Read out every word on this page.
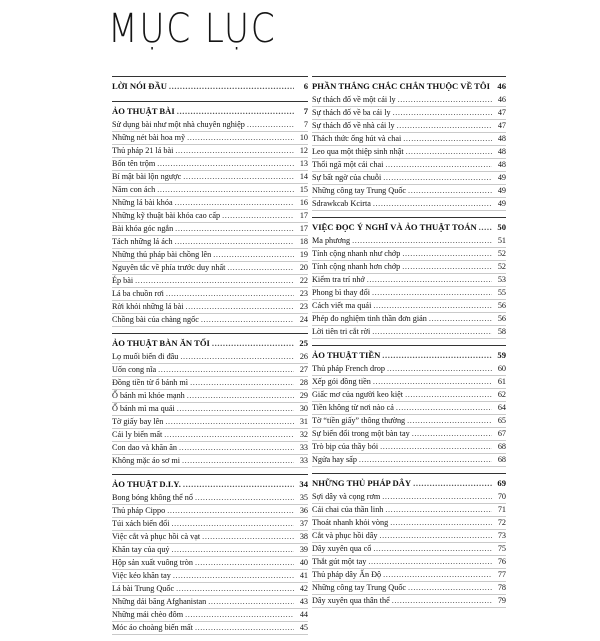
MỤC LỤC
LỜI NÓI ĐẦU .....	6
ẢO THUẬT BÀI .....	7
Sử dụng bài như một nhà chuyên nghiệp .....	7
Những nét bài hoa mỹ .....	10
Thủ pháp 21 lá bài .....	12
Bốn tên trộm .....	13
Bí mật bài lộn ngược .....	14
Năm con ách .....	15
Những lá bài khóa .....	16
Những kỹ thuật bài khóa cao cấp .....	17
Bài khóa góc ngắn .....	17
Tách những lá ách .....	18
Những thủ pháp bài chồng lên .....	19
Nguyên tắc về phía trước duy nhất .....	20
Ép bài .....	22
Lá ba chuồn rơi .....	23
Rời khỏi những lá bài .....	23
Chồng bài của chàng ngốc .....	24
ẢO THUẬT BÀN ĂN TỐI .....	25
Lọ muối biến đi đâu .....	26
Uốn cong nĩa .....	27
Đồng tiền từ ổ bánh mì .....	28
Ổ bánh mì khỏe mạnh .....	29
Ổ bánh mì ma quái .....	30
Tờ giấy bay lên .....	31
Cái ly biến mất .....	32
Con dao và khăn ăn .....	33
Không mặc áo sơ mi .....	33
ẢO THUẬT D.I.Y. .....	34
Bong bóng không thể nổ .....	35
Thủ pháp Cippo .....	36
Túi xách biến đổi .....	37
Việc cắt và phục hồi cà vạt .....	38
Khăn tay của quỷ .....	39
Hộp sản xuất vuông tròn .....	40
Việc kéo khăn tay .....	41
Lá bài Trung Quốc .....	42
Những dải băng Afghanistan .....	43
Những mái chèo đôm .....	44
Móc áo choàng biến mất .....	45
PHẦN THẮNG CHẮC CHẮN THUỘC VỀ TÔI ..... 46
Sự thách đố về một cái ly .....	46
Sự thách đố về ba cái ly .....	47
Sự thách đố về nhà cái ly .....	47
Thách thức ống hút và chai .....	48
Leo qua một thiệp sinh nhật .....	48
Thổi ngã một cái chai .....	48
Sự bất ngờ của chuỗi .....	49
Những công tay Trung Quốc .....	49
Sdrawkcab Kcirta .....	49
VIỆC ĐỌC Ý NGHĨ VÀ ẢO THUẬT TOÁN .....	50
Ma phương .....	51
Tính cộng nhanh như chớp .....	52
Tính cộng nhanh hơn chớp .....	52
Kiểm tra trí nhớ .....	53
Phong bì thay đổi .....	55
Cách viết ma quái .....	56
Phép đo nghiệm tinh thần đơn giản .....	56
Lời tiên tri cắt rời .....	58
ẢO THUẬT TIỀN .....	59
Thủ pháp French drop .....	60
Xếp gói đồng tiền .....	61
Giấc mơ của người keo kiệt .....	62
Tiền không từ nơi nào cả .....	64
Tờ “tiền giấy” thông thường .....	65
Sự biến đổi trong một bàn tay .....	67
Trò bịp của thầy bói .....	68
Ngửa hay sấp .....	68
NHỮNG THỦ PHÁP DÂY .....	69
Sợi dây và cọng rơm .....	70
Cái chai của thần linh .....	71
Thoát nhanh khỏi vòng .....	72
Cắt và phục hồi dây .....	73
Dây xuyên qua cổ .....	75
Thắt gút một tay .....	76
Thủ pháp dây Ấn Độ .....	77
Những công tay Trung Quốc .....	78
Dây xuyên qua thân thể .....	79
